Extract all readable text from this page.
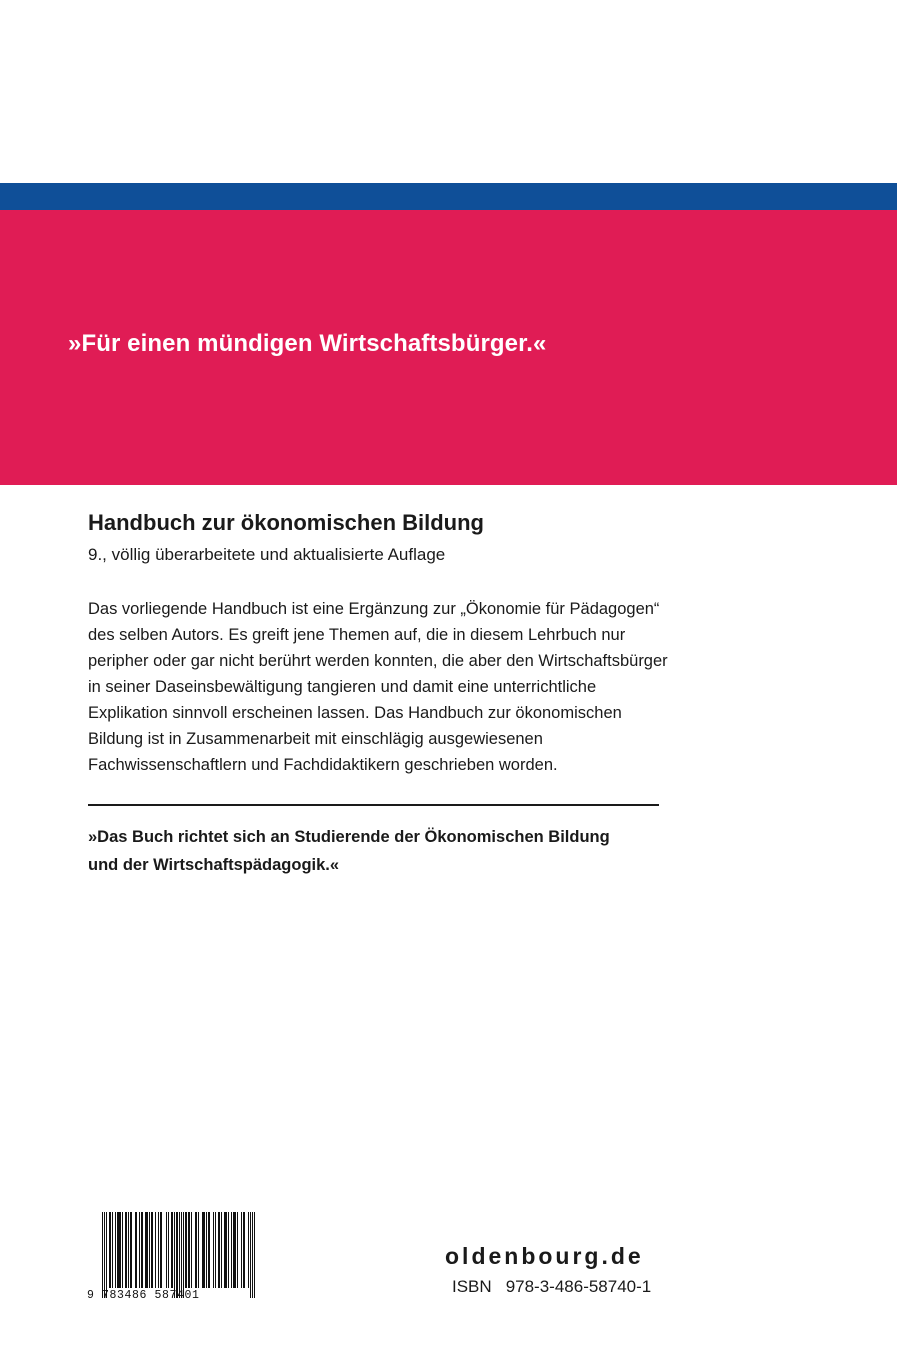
»Für einen mündigen Wirtschaftsbürger.«

Handbuch zur ökonomischen Bildung

9., völlig überarbeitete und aktualisierte Auflage

Das vorliegende Handbuch ist eine Ergänzung zur „Ökonomie für Pädagogen“ des selben Autors. Es greift jene Themen auf, die in diesem Lehrbuch nur peripher oder gar nicht berührt werden konnten, die aber den Wirtschaftsbürger in seiner Daseinsbewältigung tangieren und damit eine unterrichtliche Explikation sinnvoll erscheinen lassen. Das Handbuch zur ökonomischen Bildung ist in Zusammenarbeit mit einschlägig ausgewiesenen Fachwissenschaftlern und Fachdidaktikern geschrieben worden.

»Das Buch richtet sich an Studierende der Ökonomischen Bildung
und der Wirtschaftspädagogik.«

9 783486 587401

oldenbourg.de

ISBN 978-3-486-58740-1
